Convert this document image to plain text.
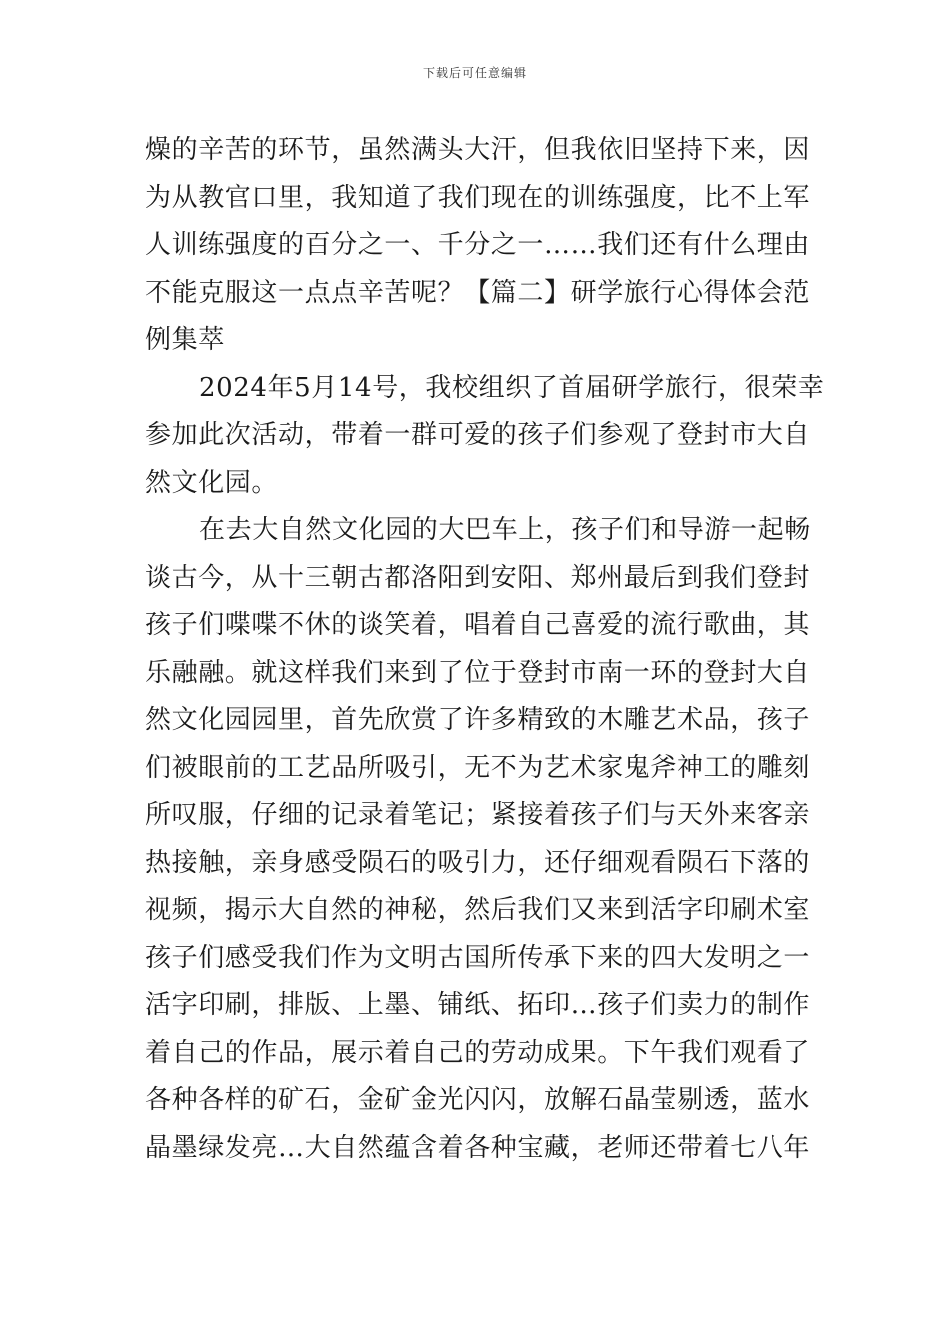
下载后可任意编辑
燥的辛苦的环节，虽然满头大汗，但我依旧坚持下来，因
为从教官口里，我知道了我们现在的训练强度，比不上军
人训练强度的百分之一、千分之一……我们还有什么理由
不能克服这一点点辛苦呢？【篇二】研学旅行心得体会范
例集萃
2024年5月14号，我校组织了首届研学旅行，很荣幸
参加此次活动，带着一群可爱的孩子们参观了登封市大自
然文化园。
在去大自然文化园的大巴车上，孩子们和导游一起畅
谈古今，从十三朝古都洛阳到安阳、郑州最后到我们登封
孩子们喋喋不休的谈笑着，唱着自己喜爱的流行歌曲，其
乐融融。就这样我们来到了位于登封市南一环的登封大自
然文化园园里，首先欣赏了许多精致的木雕艺术品，孩子
们被眼前的工艺品所吸引，无不为艺术家鬼斧神工的雕刻
所叹服，仔细的记录着笔记；紧接着孩子们与天外来客亲
热接触，亲身感受陨石的吸引力，还仔细观看陨石下落的
视频，揭示大自然的神秘，然后我们又来到活字印刷术室
孩子们感受我们作为文明古国所传承下来的四大发明之一
活字印刷，排版、上墨、铺纸、拓印…孩子们卖力的制作
着自己的作品，展示着自己的劳动成果。下午我们观看了
各种各样的矿石，金矿金光闪闪，放解石晶莹剔透，蓝水
晶墨绿发亮…大自然蕴含着各种宝藏，老师还带着七八年
